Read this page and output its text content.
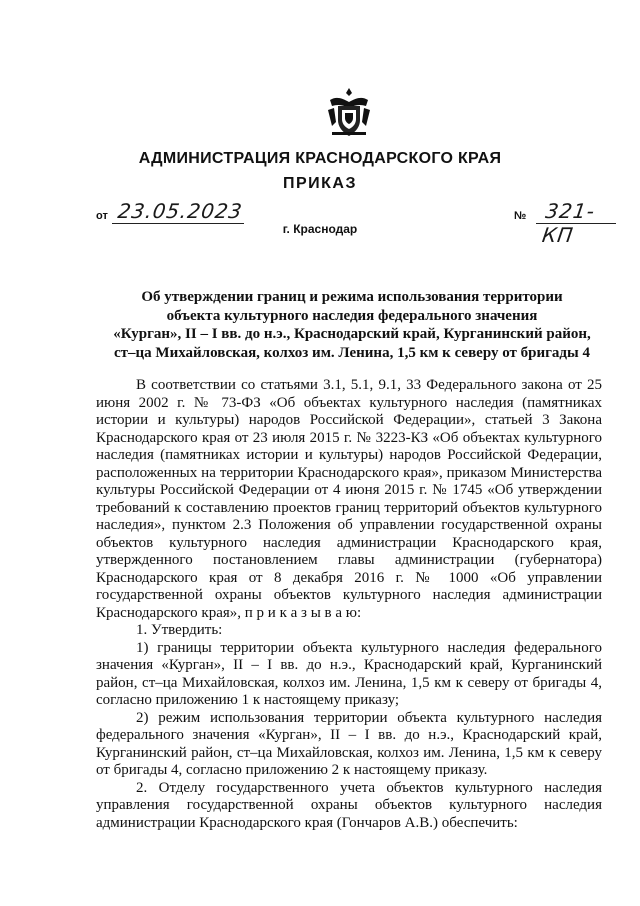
АДМИНИСТРАЦИЯ КРАСНОДАРСКОГО КРАЯ
ПРИКАЗ
от 23.05.2023	№ 321-КП
г. Краснодар
Об утверждении границ и режима использования территории
объекта культурного наследия федерального значения
«Курган», II – I вв. до н.э., Краснодарский край, Курганинский район,
ст–ца Михайловская, колхоз им. Ленина, 1,5 км к северу от бригады 4

В соответствии со статьями 3.1, 5.1, 9.1, 33 Федерального закона от 25 июня 2002 г. № 73-ФЗ «Об объектах культурного наследия (памятниках истории и культуры) народов Российской Федерации», статьей 3 Закона Краснодарского края от 23 июля 2015 г. № 3223-КЗ «Об объектах культурного наследия (памятниках истории и культуры) народов Российской Федерации, расположенных на территории Краснодарского края», приказом Министерства культуры Российской Федерации от 4 июня 2015 г. № 1745 «Об утверждении требований к составлению проектов границ территорий объектов культурного наследия», пунктом 2.3 Положения об управлении государственной охраны объектов культурного наследия администрации Краснодарского края, утвержденного постановлением главы администрации (губернатора) Краснодарского края от 8 декабря 2016 г. № 1000 «Об управлении государственной охраны объектов культурного наследия администрации Краснодарского края», п р и к а з ы в а ю:

1. Утвердить:

1) границы территории объекта культурного наследия федерального значения «Курган», II – I вв. до н.э., Краснодарский край, Курганинский район, ст–ца Михайловская, колхоз им. Ленина, 1,5 км к северу от бригады 4, согласно приложению 1 к настоящему приказу;

2) режим использования территории объекта культурного наследия федерального значения «Курган», II – I вв. до н.э., Краснодарский край, Курганинский район, ст–ца Михайловская, колхоз им. Ленина, 1,5 км к северу от бригады 4, согласно приложению 2 к настоящему приказу.

2. Отделу государственного учета объектов культурного наследия управления государственной охраны объектов культурного наследия администрации Краснодарского края (Гончаров А.В.) обеспечить:
